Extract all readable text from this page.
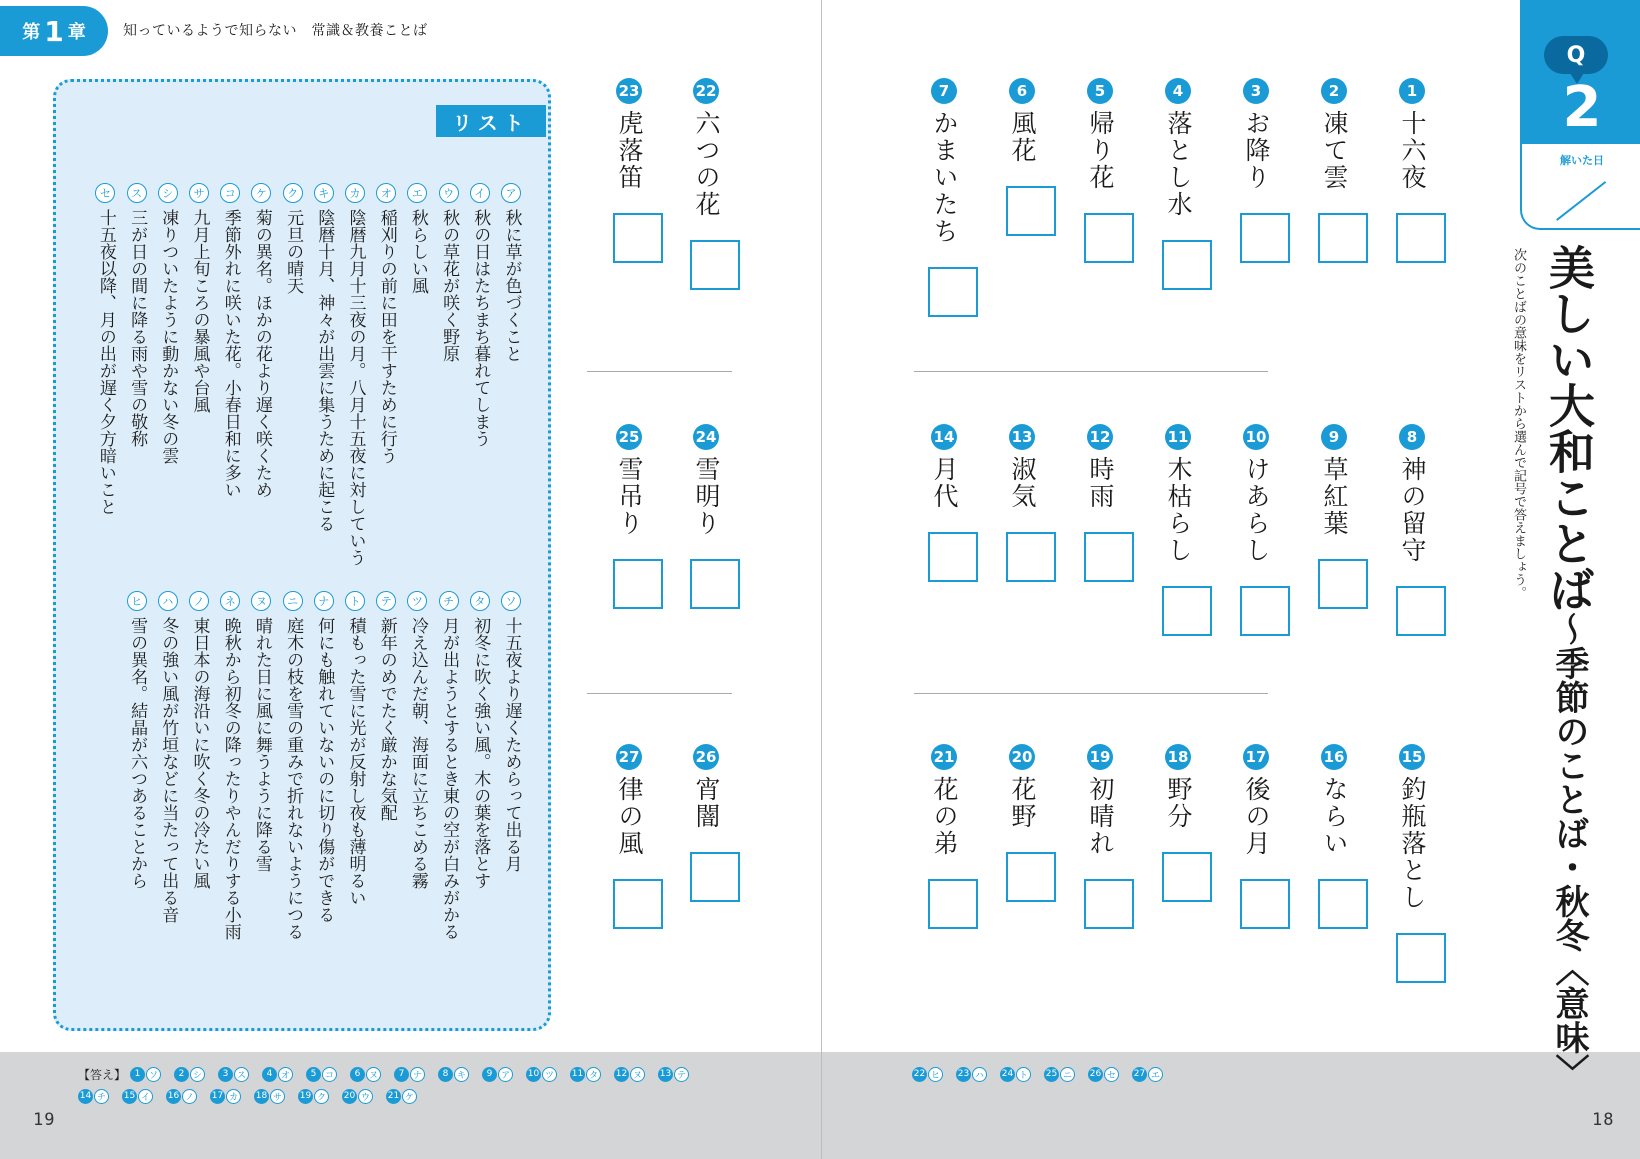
第 1 章	知っているようで知らない　常識＆教養ことば
リスト
ア
秋に草が色づくこと
イ
秋の日はたちまち暮れてしまう
ウ
秋の草花が咲く野原
エ
秋らしい風
オ
稲刈りの前に田を干すために行う
カ
陰暦九月十三夜の月。八月十五夜に対していう
キ
陰暦十月、神々が出雲に集うために起こる
ク
元旦の晴天
ケ
菊の異名。ほかの花より遅く咲くため
コ
季節外れに咲いた花。小春日和に多い
サ
九月上旬ころの暴風や台風
シ
凍りついたように動かない冬の雲
ス
三が日の間に降る雨や雪の敬称
セ
十五夜以降、月の出が遅く夕方暗いこと
ソ
十五夜より遅くためらって出る月
タ
初冬に吹く強い風。木の葉を落とす
チ
月が出ようとするとき東の空が白みがかる
ツ
冷え込んだ朝、海面に立ちこめる霧
テ
新年のめでたく厳かな気配
ト
積もった雪に光が反射し夜も薄明るい
ナ
何にも触れていないのに切り傷ができる
ニ
庭木の枝を雪の重みで折れないようにつる
ヌ
晴れた日に風に舞うように降る雪
ネ
晩秋から初冬の降ったりやんだりする小雨
ノ
東日本の海沿いに吹く冬の冷たい風
ハ
冬の強い風が竹垣などに当たって出る音
ヒ
雪の異名。結晶が六つあることから
22
六つの花
23
虎落笛
24
雪明り
25
雪吊り
26
宵闇
27
律の風
【答え】 1 ソ	2 シ	3 ス	4 オ	5 コ	6 ヌ	7 ナ	8 キ	9 ア	10 ツ	11 タ	12 ヌ	13 テ
14 チ	15 イ	16 ノ	17 カ	18 サ	19 ク	20 ウ	21 ケ
19
1
十六夜
2
凍て雲
3
お降り
4
落とし水
5
帰り花
6
風花
7
かまいたち
8
神の留守
9
草紅葉
10
けあらし
11
木枯らし
12
時雨
13
淑気
14
月代
15
釣瓶落とし
16
ならい
17
後の月
18
野分
19
初晴れ
20
花野
21
花の弟
22 ヒ	23 ハ	24 ト	25 ニ	26 セ	27 エ
18
Q
2
解いた日
美しい大和ことば〜季節のことば・秋冬〈意味〉
次のことばの意味をリストから選んで記号で答えましょう。
